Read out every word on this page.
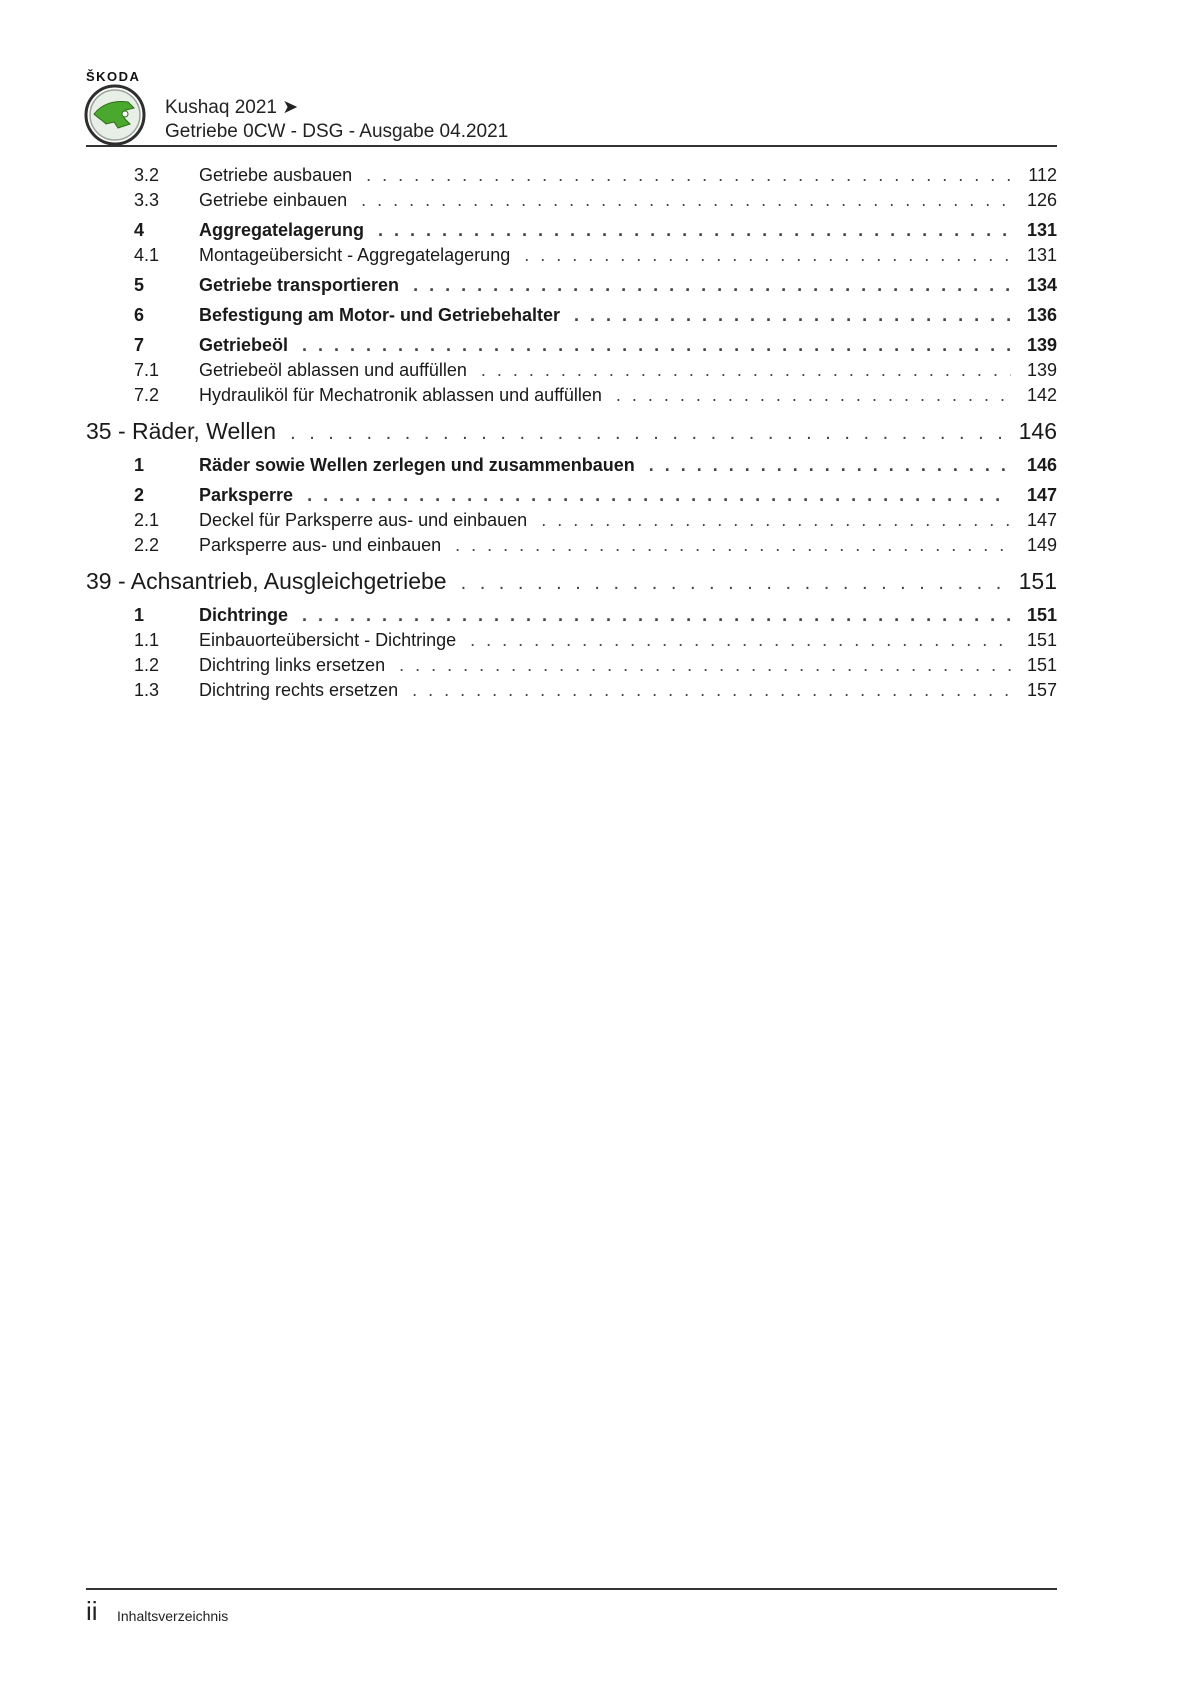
ŠKODA
Kushaq 2021 ➤
Getriebe 0CW - DSG - Ausgabe 04.2021
3.2	Getriebe ausbauen . . .	112
3.3	Getriebe einbauen . . .	126
4	Aggregatelagerung . . .	131
4.1	Montageübersicht - Aggregatelagerung . . .	131
5	Getriebe transportieren . . .	134
6	Befestigung am Motor- und Getriebehalter . . .	136
7	Getriebeöl . . .	139
7.1	Getriebeöl ablassen und auffüllen . . .	139
7.2	Hydrauliköl für Mechatronik ablassen und auffüllen . . .	142
35 - Räder, Wellen . . .	146
1	Räder sowie Wellen zerlegen und zusammenbauen . . .	146
2	Parksperre . . .	147
2.1	Deckel für Parksperre aus- und einbauen . . .	147
2.2	Parksperre aus- und einbauen . . .	149
39 - Achsantrieb, Ausgleichgetriebe . . .	151
1	Dichtringe . . .	151
1.1	Einbauorteübersicht - Dichtringe . . .	151
1.2	Dichtring links ersetzen . . .	151
1.3	Dichtring rechts ersetzen . . .	157
ii Inhaltsverzeichnis
